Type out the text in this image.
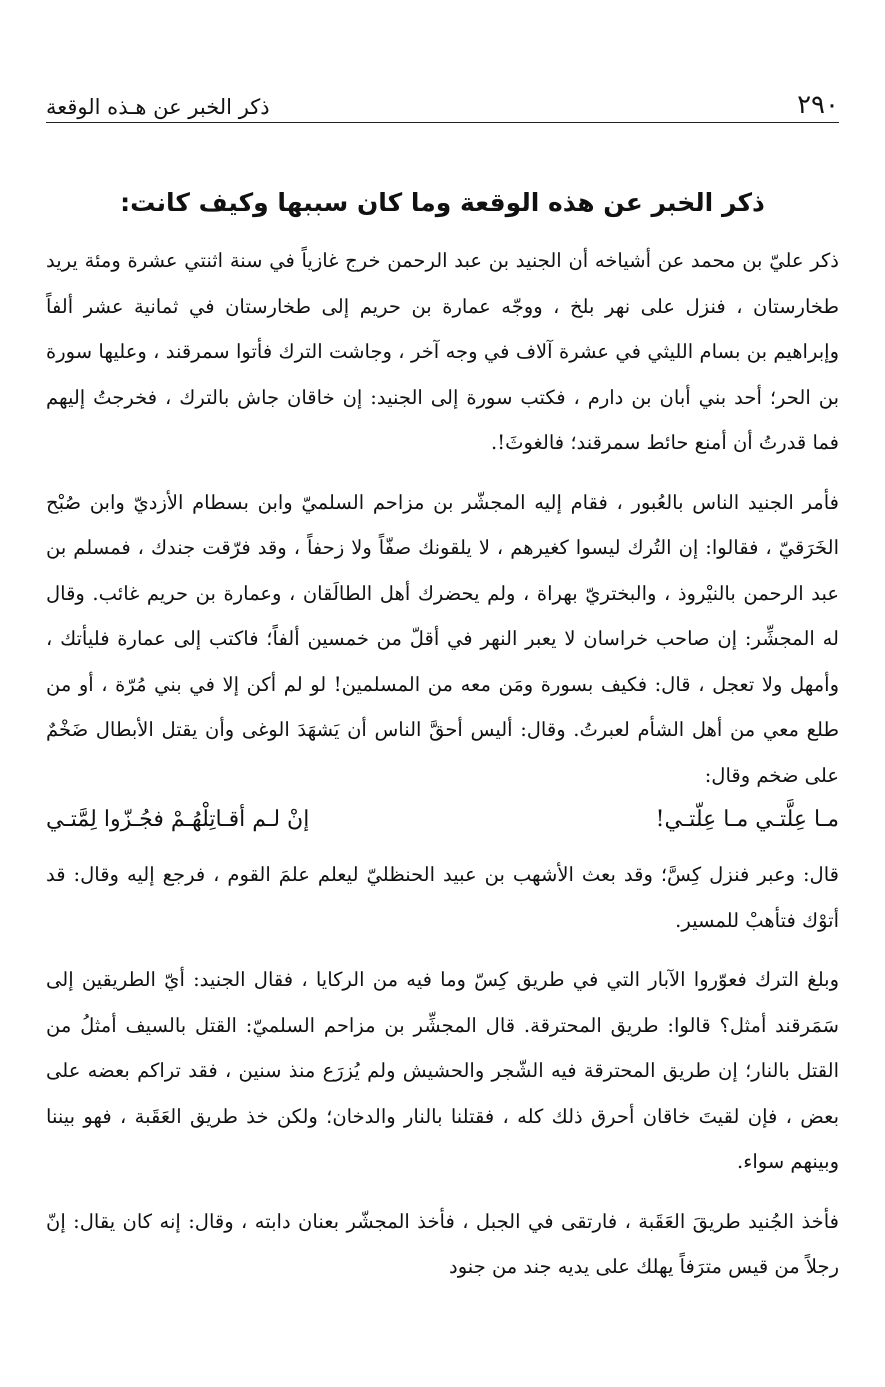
٢٩٠
ذكر الخبر عن هـذه الوقعة
ذكر الخبر عن هذه الوقعة وما كان سببها وكيف كانت:

ذكر عليّ بن محمد عن أشياخه أن الجنيد بن عبد الرحمن خرج غازياً في سنة اثنتي عشرة ومئة يريد طخارستان ، فنزل على نهر بلخ ، ووجّه عمارة بن حريم إلى طخارستان في ثمانية عشر ألفاً وإبراهيم بن بسام الليثي في عشرة آلاف في وجه آخر ، وجاشت الترك فأتوا سمرقند ، وعليها سورة بن الحر؛ أحد بني أبان بن دارم ، فكتب سورة إلى الجنيد: إن خاقان جاش بالترك ، فخرجتُ إليهم فما قدرتُ أن أمنع حائط سمرقند؛ فالغوثَ!.

فأمر الجنيد الناس بالعُبور ، فقام إليه المجشّر بن مزاحم السلميّ وابن بسطام الأزديّ وابن صُبْح الخَرَقيّ ، فقالوا: إن التُرك ليسوا كغيرهم ، لا يلقونك صفّاً ولا زحفاً ، وقد فرّقت جندك ، فمسلم بن عبد الرحمن بالنيْروذ ، والبختريّ بهراة ، ولم يحضرك أهل الطالَقان ، وعمارة بن حريم غائب. وقال له المجشِّر: إن صاحب خراسان لا يعبر النهر في أقلّ من خمسين ألفاً؛ فاكتب إلى عمارة فليأتك ، وأمهل ولا تعجل ، قال: فكيف بسورة ومَن معه من المسلمين! لو لم أكن إلا في بني مُرّة ، أو من طلع معي من أهل الشأم لعبرتُ. وقال: أليس أحقَّ الناس أن يَشهَدَ الوغى وأن يقتل الأبطال ضَخْمٌ على ضخم وقال:

مـا عِلَّتـي مـا عِلّتـي!
إنْ لـم أقـاتِلْهُـمْ فجُـزّوا لِمَّتـي

قال: وعبر فنزل كِسَّ؛ وقد بعث الأشهب بن عبيد الحنظليّ ليعلم علمَ القوم ، فرجع إليه وقال: قد أتوْك فتأهبْ للمسير.

وبلغ الترك فعوّروا الآبار التي في طريق كِسّ وما فيه من الركايا ، فقال الجنيد: أيّ الطريقين إلى سَمَرقند أمثل؟ قالوا: طريق المحترقة. قال المجشِّر بن مزاحم السلميّ: القتل بالسيف أمثلُ من القتل بالنار؛ إن طريق المحترقة فيه الشّجر والحشيش ولم يُزرَع منذ سنين ، فقد تراكم بعضه على بعض ، فإن لقيتَ خاقان أحرق ذلك كله ، فقتلنا بالنار والدخان؛ ولكن خذ طريق العَقَبة ، فهو بيننا وبينهم سواء.

فأخذ الجُنيد طريقَ العَقَبة ، فارتقى في الجبل ، فأخذ المجشّر بعنان دابته ، وقال: إنه كان يقال: إنّ رجلاً من قيس مترَفاً يهلك على يديه جند من جنود
